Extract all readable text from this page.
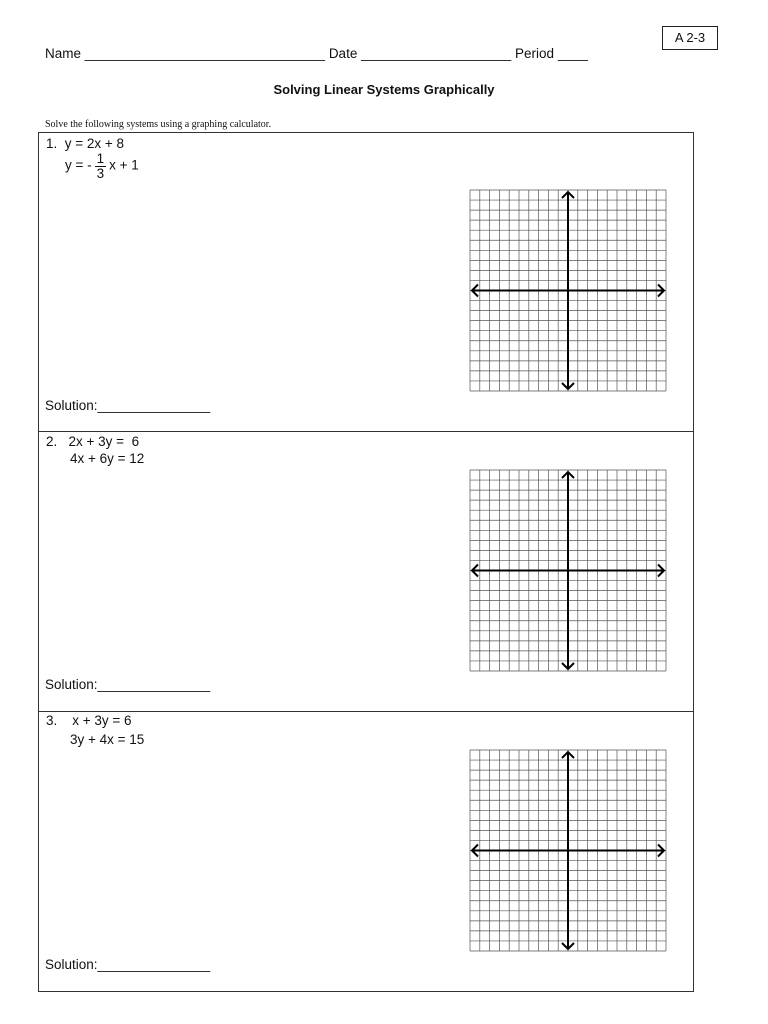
A 2-3
Name ________________________________ Date ____________________ Period ____
Solving Linear Systems Graphically
Solve the following systems using a graphing calculator.
1. y = 2x + 8
y = - $\frac{1}{3}$ x + 1
Solution:_______________
2. 2x + 3y =  6
4x + 6y = 12
Solution:_______________
3.    x + 3y = 6
3y + 4x = 15
Solution:_______________
